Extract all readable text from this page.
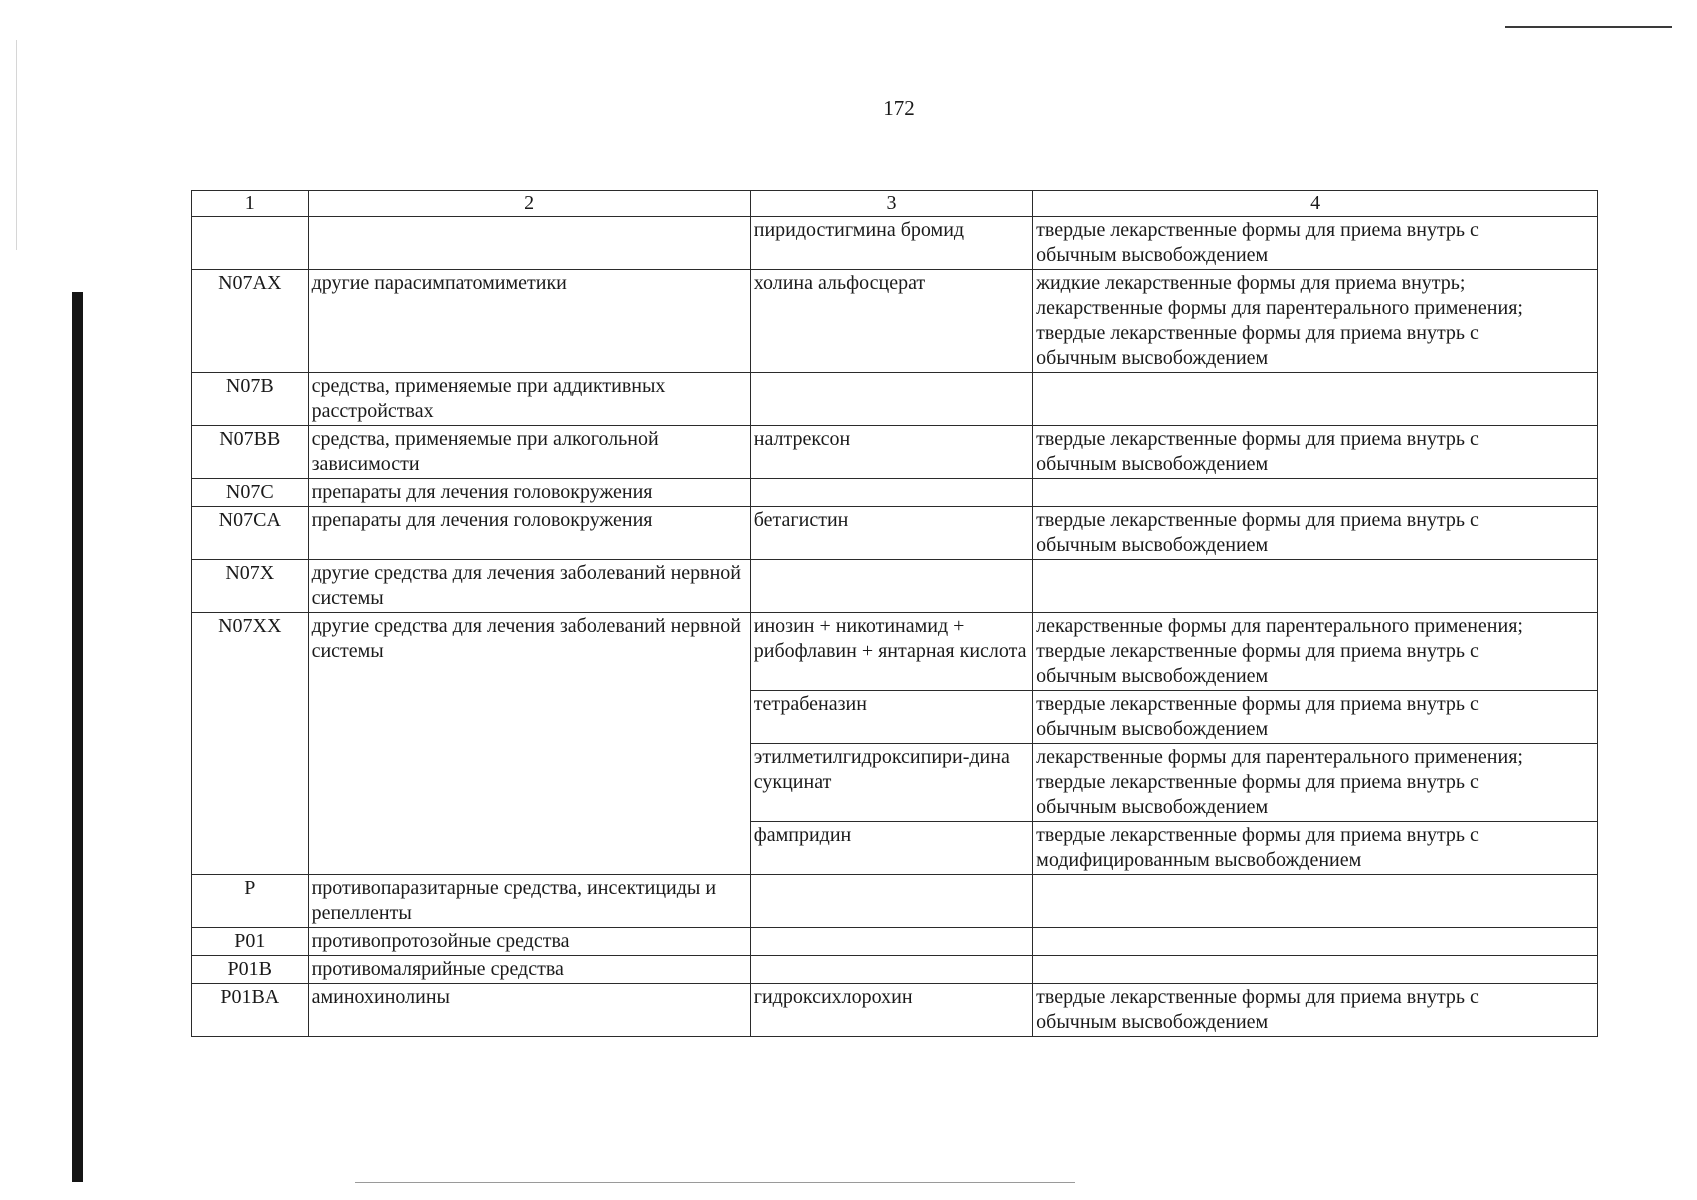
172
1	2	3	4
		пиридостигмина бромид	твердые лекарственные формы для приема внутрь с
обычным высвобождением

N07AX	другие парасимпатомиметики	холина альфосцерат	жидкие лекарственные формы для приема внутрь;
лекарственные формы для парентерального применения;
твердые лекарственные формы для приема внутрь с
обычным высвобождением

N07B	средства, применяемые при аддиктивных расстройствах		
N07BB	средства, применяемые при алкогольной зависимости	налтрексон	твердые лекарственные формы для приема внутрь с
обычным высвобождением

N07C	препараты для лечения головокружения		
N07CA	препараты для лечения головокружения	бетагистин	твердые лекарственные формы для приема внутрь с
обычным высвобождением

N07X	другие средства для лечения заболеваний нервной системы		
N07XX	другие средства для лечения заболеваний нервной системы	инозин + никотинамид + рибофлавин + янтарная кислота	лекарственные формы для парентерального применения;
твердые лекарственные формы для приема внутрь с
обычным высвобождением

		тетрабеназин	твердые лекарственные формы для приема внутрь с
обычным высвобождением

		этилметилгидроксипири-дина сукцинат	лекарственные формы для парентерального применения;
твердые лекарственные формы для приема внутрь с
обычным высвобождением

		фампридин	твердые лекарственные формы для приема внутрь с
модифицированным высвобождением

P	противопаразитарные средства, инсектициды и репелленты		
P01	противопротозойные средства		
P01B	противомалярийные средства		
P01BA	аминохинолины	гидроксихлорохин	твердые лекарственные формы для приема внутрь с
обычным высвобождением
